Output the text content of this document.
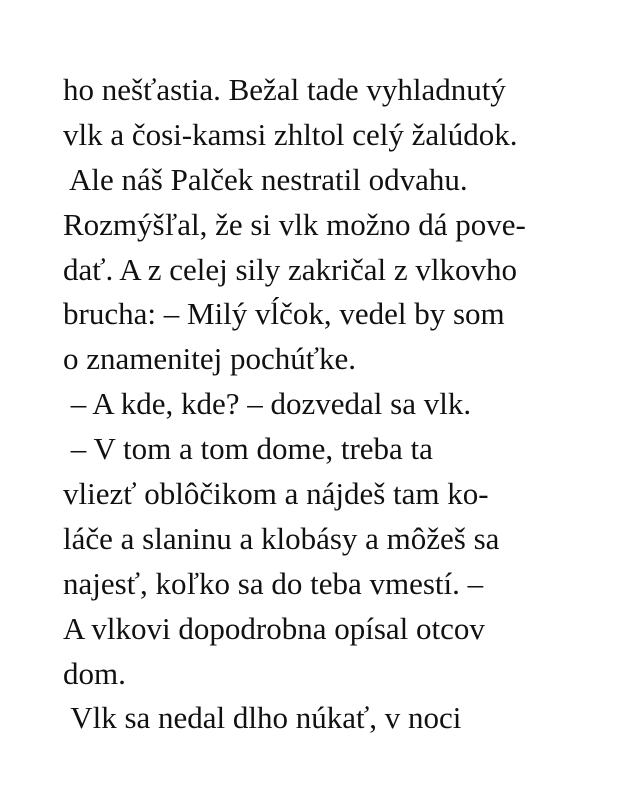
ho nešťastia. Bežal tade vyhladnutý
vlk a čosi-kamsi zhltol celý žalúdok.
Ale náš Palček nestratil odvahu.
Rozmýšľal, že si vlk možno dá pove-
dať. A z celej sily zakričal z vlkovho
brucha: – Milý vĺčok, vedel by som
o znamenitej pochúťke.
– A kde, kde? – dozvedal sa vlk.
– V tom a tom dome, treba ta
vliezť oblôčikom a nájdeš tam ko-
láče a slaninu a klobásy a môžeš sa
najesť, koľko sa do teba vmestí. –
A vlkovi dopodrobna opísal otcov
dom.
Vlk sa nedal dlho núkať, v noci
